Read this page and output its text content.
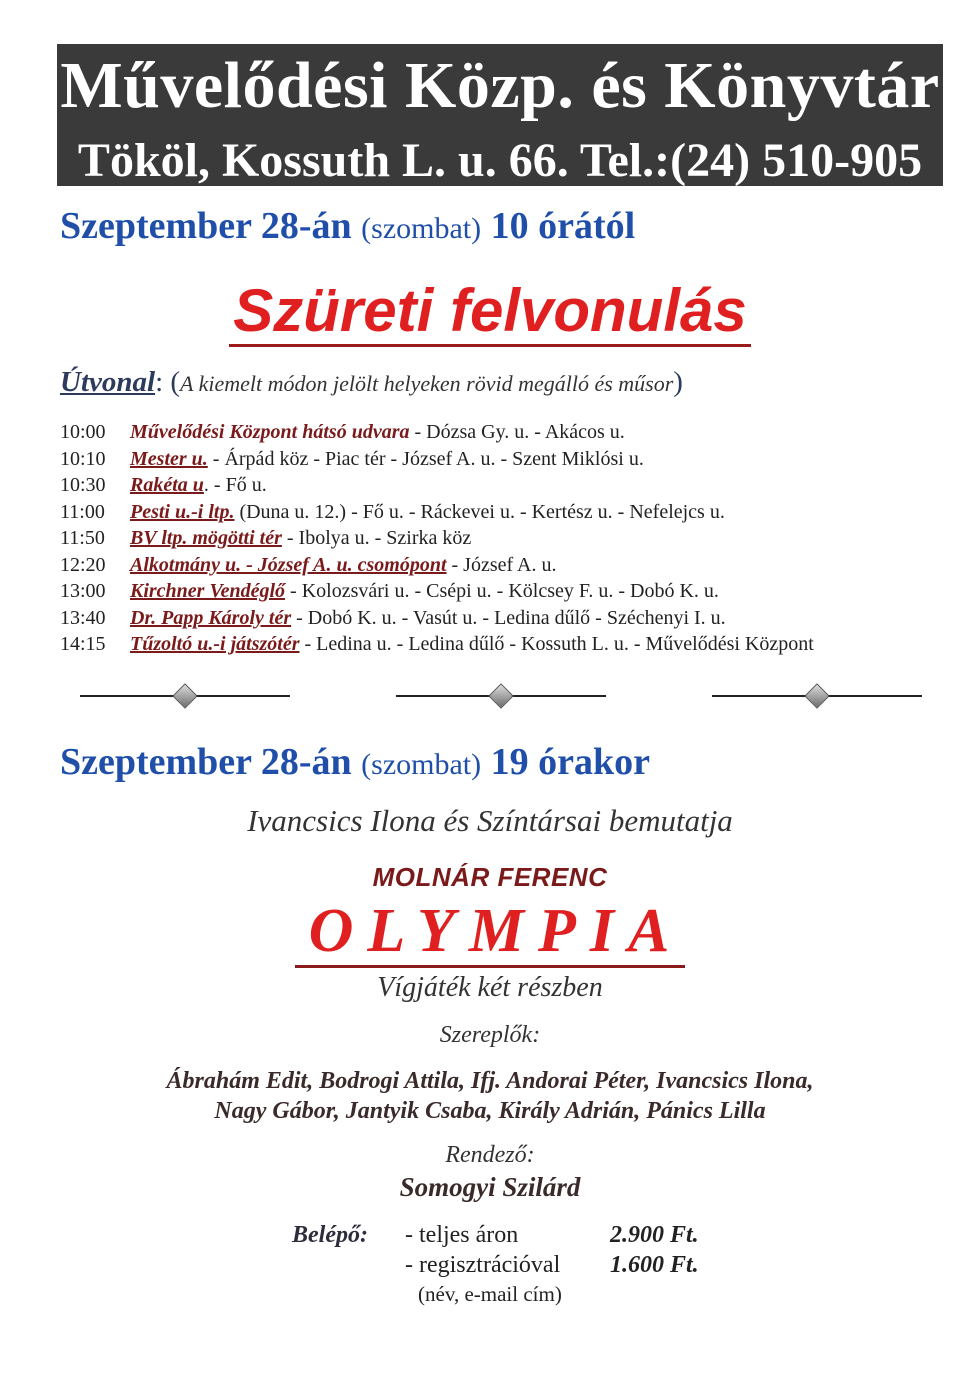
Művelődési Közp. és Könyvtár
Tököl, Kossuth L. u. 66. Tel.:(24) 510-905
Szeptember 28-án (szombat) 10 órától
Szüreti felvonulás
Útvonal: (A kiemelt módon jelölt helyeken rövid megálló és műsor)
10:00 Művelődési Központ hátsó udvara - Dózsa Gy. u. - Akácos u.
10:10 Mester u. - Árpád köz - Piac tér - József A. u. - Szent Miklósi u.
10:30 Rakéta u. - Fő u.
11:00 Pesti u.-i ltp. (Duna u. 12.) - Fő u. - Ráckevei u. - Kertész u. - Nefelejcs u.
11:50 BV ltp. mögötti tér - Ibolya u. - Szirka köz
12:20 Alkotmány u. - József A. u. csomópont - József A. u.
13:00 Kirchner Vendéglő - Kolozsvári u. - Csépi u. - Kölcsey F. u. - Dobó K. u.
13:40 Dr. Papp Károly tér - Dobó K. u. - Vasút u. - Ledina dűlő - Széchenyi I. u.
14:15 Tűzoltó u.-i játszótér - Ledina u. - Ledina dűlő - Kossuth L. u. - Művelődési Központ
Szeptember 28-án (szombat) 19 órakor
Ivancsics Ilona és Színtársai bemutatja
MOLNÁR FERENC
OLYMPIA
Vígjáték két részben
Szereplők:
Ábrahám Edit, Bodrogi Attila, Ifj. Andorai Péter, Ivancsics Ilona,
Nagy Gábor, Jantyik Csaba, Király Adrián, Pánics Lilla
Rendező:
Somogyi Szilárd
Belépő: - teljes áron	2.900 Ft.
- regisztrációval 1.600 Ft.
(név, e-mail cím)
